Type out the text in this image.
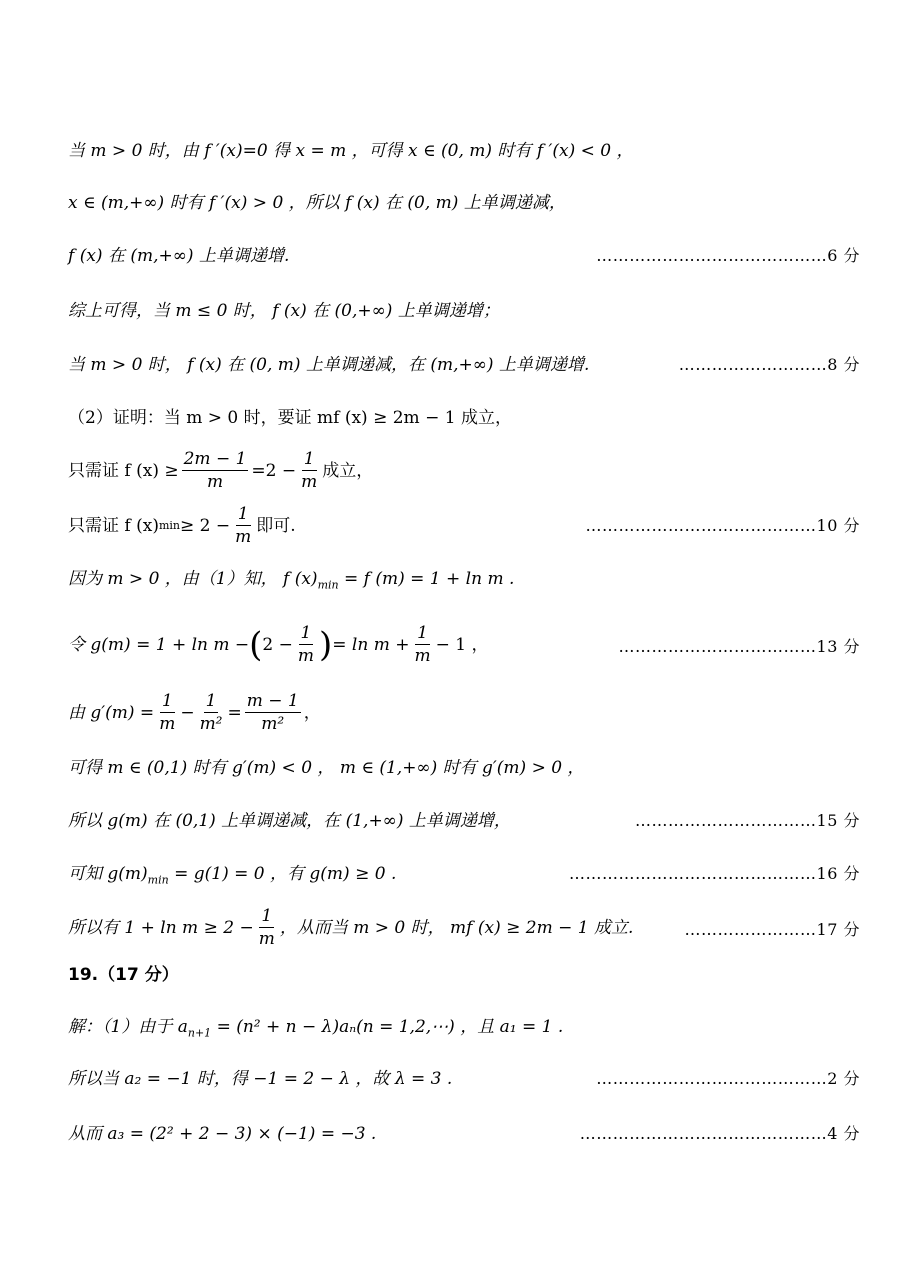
当 m > 0 时，由 f ′(x)=0 得 x = m ，可得 x ∈ (0, m) 时有 f ′(x) < 0 ，
x ∈ (m,+∞) 时有 f ′(x) > 0 ，所以 f (x) 在 (0, m) 上单调递减，
f (x) 在 (m,+∞) 上单调递增.	……………………………………6 分
综上可得，当 m ≤ 0 时， f (x) 在 (0,+∞) 上单调递增；
当 m > 0 时， f (x) 在 (0, m) 上单调递减，在 (m,+∞) 上单调递增.	………………………8 分
（2）证明：当 m > 0 时，要证 mf (x) ≥ 2m − 1 成立，
只需证 f $(x) \ge \frac{2m - 1}{m} =2 - \frac{1}{m}$ 成立，
只需证 f (x) $\min \ge 2 - \frac{1}{m}$ 即可.	……………………………………10 分
因为 m > 0 ，由（1）知， f $(x)_{min} = f$ (m) = 1 + ln m .
令 g(m) = 1 + ln m − ( $2 - \frac{1}{m}$ ) = $\ln m + \frac{1}{m} - 1$ ，	………………………………13 分
由 $g'(m) = \frac{1}{m} - \frac{1}{\text{m²}} = \frac{m - 1}{\text{m²}}$ ，
可得 m ∈ (0,1) 时有 g′(m) < 0 ， m ∈ (1,+∞) 时有 g′(m) > 0 ，
所以 g(m) 在 (0,1) 上单调递减，在 (1,+∞) 上单调递增，	……………………………15 分
可知 $g(m)_{min} = g(1) = 0$ ，有 g(m) ≥ 0 .	………………………………………16 分
所以有 $1 + \ln m \ge 2 - \frac{1}{m}$ ，从而当 m > 0 时， mf (x) ≥ 2m − 1 成立.	……………………17 分
19.（17 分）
解：（1）由于 $a_{n+1} = (n^2 + n - \lambda)a_n(n$ = 1,2,⋯) ，且 a₁ = 1 .
所以当 a₂ = −1 时，得 −1 = 2 − λ ，故 λ = 3 .	……………………………………2 分
从而 a₃ = (2² + 2 − 3) × (−1) = −3 .	………………………………………4 分
